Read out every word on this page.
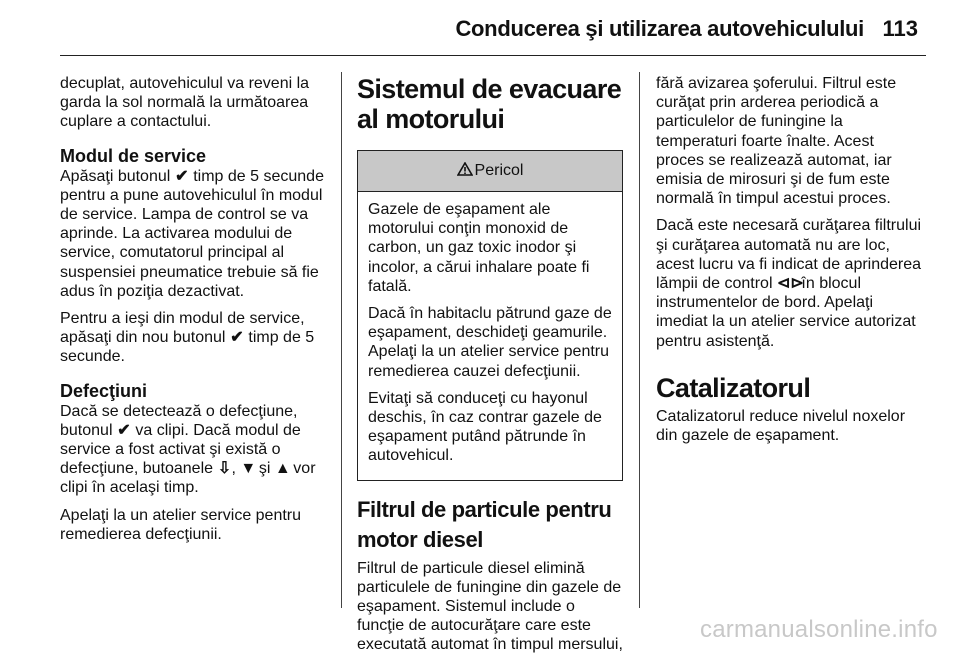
Conducerea şi utilizarea autovehiculului 113

decuplat, autovehiculul va reveni la garda la sol normală la următoarea cuplare a contactului.

Modul de service

Apăsaţi butonul ✔ timp de 5 secunde pentru a pune autovehiculul în modul de service. Lampa de control se va aprinde. La activarea modului de service, comutatorul principal al suspensiei pneumatice trebuie să fie adus în poziţia dezactivat.

Pentru a ieşi din modul de service, apăsaţi din nou butonul ✔ timp de 5 secunde.

Defecţiuni

Dacă se detectează o defecţiune, butonul ✔ va clipi. Dacă modul de service a fost activat şi există o defecţiune, butoanele ⇩, ▼ şi ▲ vor clipi în acelaşi timp.

Apelaţi la un atelier service pentru remedierea defecţiunii.

Sistemul de evacuare al motorului
Pericol

Gazele de eşapament ale motorului conţin monoxid de carbon, un gaz toxic inodor şi incolor, a cărui inhalare poate fi fatală.

Dacă în habitaclu pătrund gaze de eşapament, deschideţi geamurile. Apelaţi la un atelier service pentru remedierea cauzei defecţiunii.

Evitaţi să conduceţi cu hayonul deschis, în caz contrar gazele de eşapament putând pătrunde în autovehicul.

Filtrul de particule pentru motor diesel

Filtrul de particule diesel elimină particulele de funingine din gazele de eşapament. Sistemul include o funcţie de autocurăţare care este executată automat în timpul mersului,

fără avizarea şoferului. Filtrul este curăţat prin arderea periodică a particulelor de funingine la temperaturi foarte înalte. Acest proces se realizează automat, iar emisia de mirosuri şi de fum este normală în timpul acestui proces.

Dacă este necesară curăţarea filtrului şi curăţarea automată nu are loc, acest lucru va fi indicat de aprinderea lămpii de control ⊲⊳ în blocul instrumentelor de bord. Apelaţi imediat la un atelier service autorizat pentru asistenţă.

Catalizatorul

Catalizatorul reduce nivelul noxelor din gazele de eşapament.

carmanualsonline.info
